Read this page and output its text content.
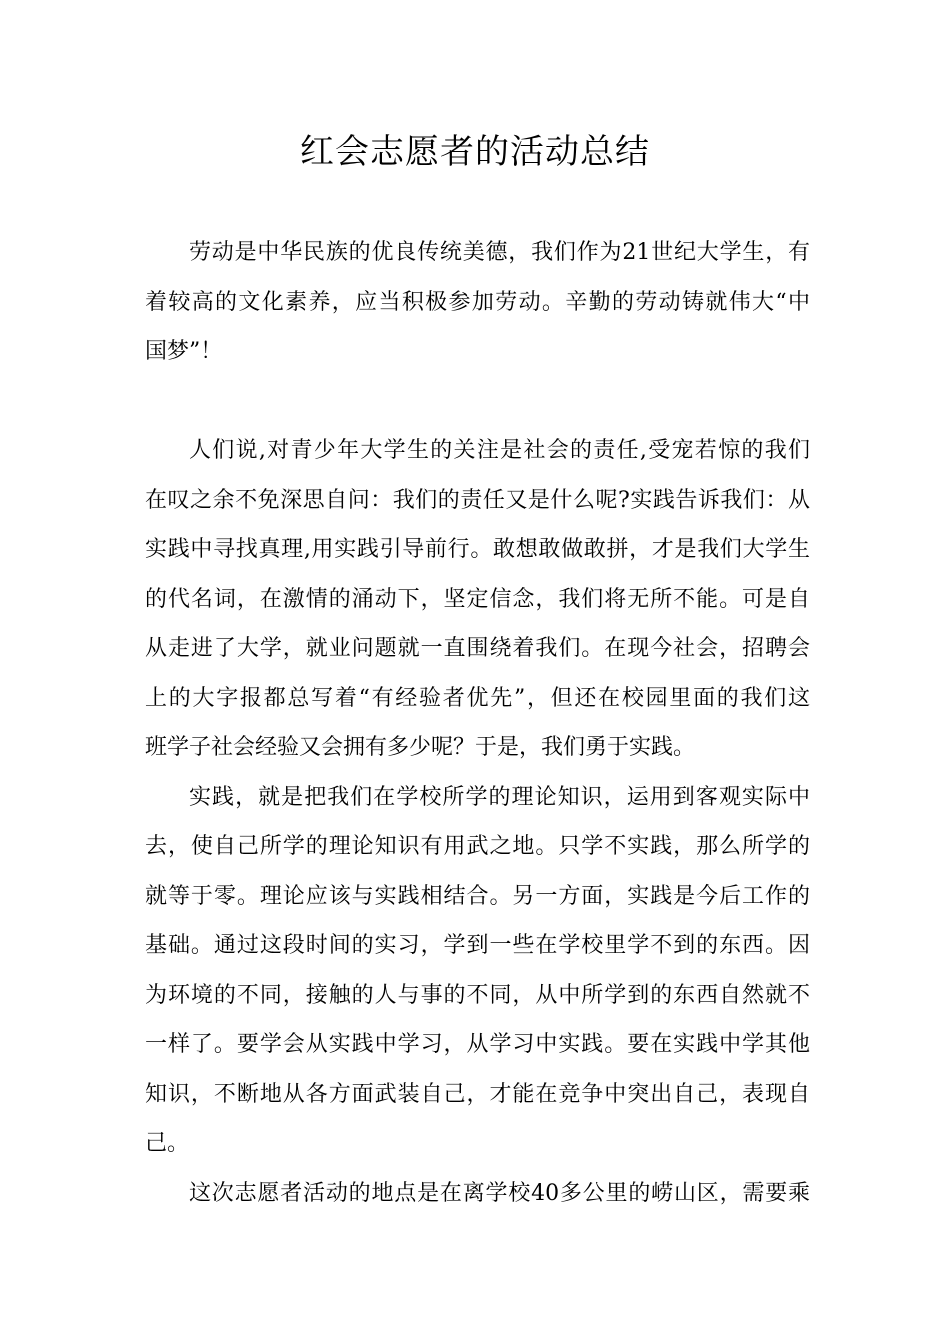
红会志愿者的活动总结
劳动是中华民族的优良传统美德，我们作为21世纪大学生，有
着较高的文化素养，应当积极参加劳动。辛勤的劳动铸就伟大“中
国梦”！
人们说,对青少年大学生的关注是社会的责任,受宠若惊的我们
在叹之余不免深思自问：我们的责任又是什么呢?实践告诉我们：从
实践中寻找真理,用实践引导前行。敢想敢做敢拼，才是我们大学生
的代名词，在激情的涌动下，坚定信念，我们将无所不能。可是自
从走进了大学，就业问题就一直围绕着我们。在现今社会，招聘会
上的大字报都总写着“有经验者优先”，但还在校园里面的我们这
班学子社会经验又会拥有多少呢？于是，我们勇于实践。
实践，就是把我们在学校所学的理论知识，运用到客观实际中
去，使自己所学的理论知识有用武之地。只学不实践，那么所学的
就等于零。理论应该与实践相结合。另一方面，实践是今后工作的
基础。通过这段时间的实习，学到一些在学校里学不到的东西。因
为环境的不同，接触的人与事的不同，从中所学到的东西自然就不
一样了。要学会从实践中学习，从学习中实践。要在实践中学其他
知识，不断地从各方面武装自己，才能在竞争中突出自己，表现自
己。
这次志愿者活动的地点是在离学校40多公里的崂山区，需要乘
